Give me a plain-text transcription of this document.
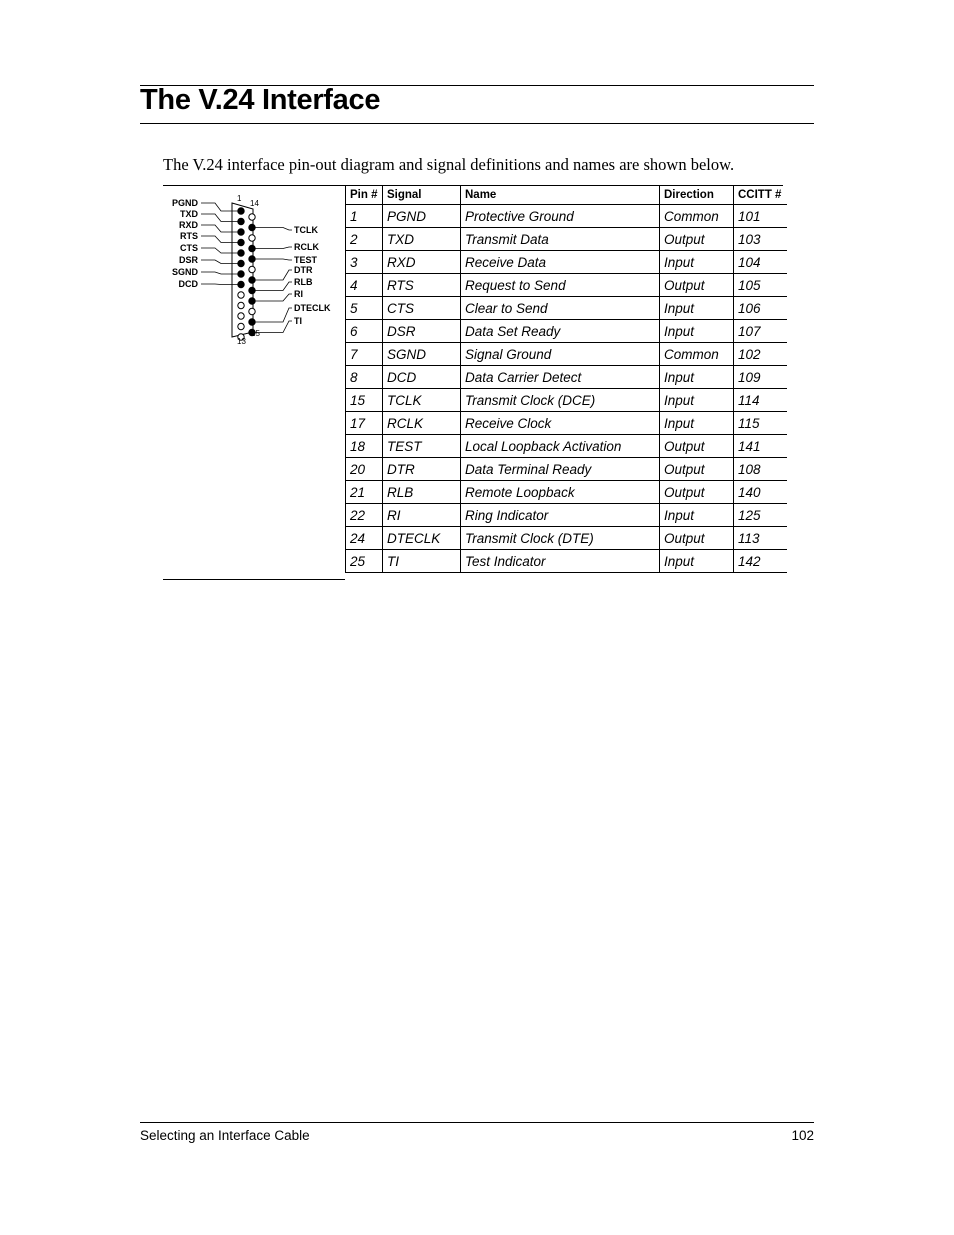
The V.24 Interface

The V.24 interface pin-out diagram and signal definitions and names are shown below.

PGND
TXD
RXD
RTS
CTS
DSR
SGND
DCD
TCLK
RCLK
TEST
DTR
RLB
RI
DTECLK
TI
1
14
25
13
Pin #	Signal	Name	Direction	CCITT #
1	PGND	Protective Ground	Common	101
2	TXD	Transmit Data	Output	103
3	RXD	Receive Data	Input	104
4	RTS	Request to Send	Output	105
5	CTS	Clear to Send	Input	106
6	DSR	Data Set Ready	Input	107
7	SGND	Signal Ground	Common	102
8	DCD	Data Carrier Detect	Input	109
15	TCLK	Transmit Clock (DCE)	Input	114
17	RCLK	Receive Clock	Input	115
18	TEST	Local Loopback Activation	Output	141
20	DTR	Data Terminal Ready	Output	108
21	RLB	Remote Loopback	Output	140
22	RI	Ring Indicator	Input	125
24	DTECLK	Transmit Clock (DTE)	Output	113
25	TI	Test Indicator	Input	142
Selecting an Interface Cable	102
